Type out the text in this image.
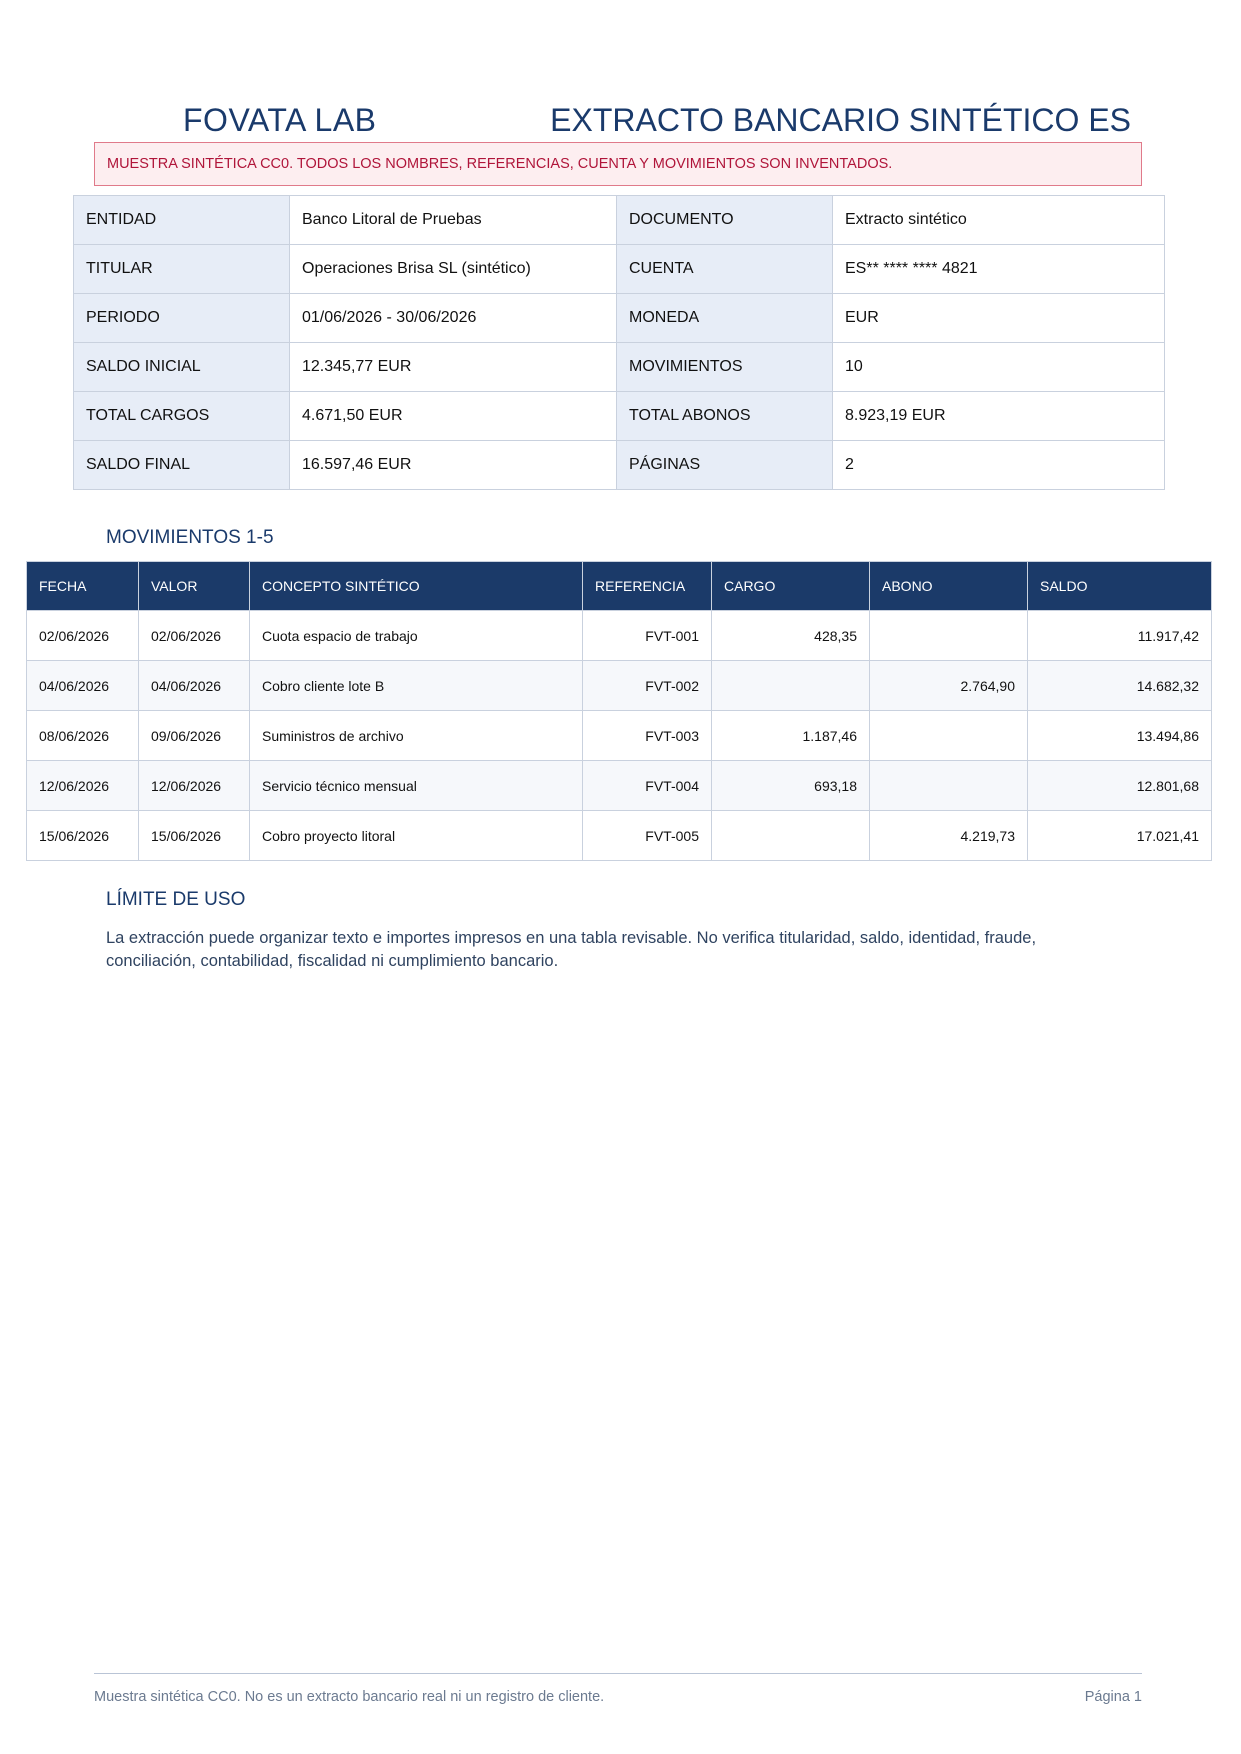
FOVATA LAB	EXTRACTO BANCARIO SINTÉTICO ES
MUESTRA SINTÉTICA CC0. TODOS LOS NOMBRES, REFERENCIAS, CUENTA Y MOVIMIENTOS SON INVENTADOS.
ENTIDAD	Banco Litoral de Pruebas	DOCUMENTO	Extracto sintético
TITULAR	Operaciones Brisa SL (sintético)	CUENTA	ES** **** **** 4821
PERIODO	01/06/2026 - 30/06/2026	MONEDA	EUR
SALDO INICIAL	12.345,77 EUR	MOVIMIENTOS	10
TOTAL CARGOS	4.671,50 EUR	TOTAL ABONOS	8.923,19 EUR
SALDO FINAL	16.597,46 EUR	PÁGINAS	2
MOVIMIENTOS 1-5
FECHA	VALOR	CONCEPTO SINTÉTICO	REFERENCIA	CARGO	ABONO	SALDO
02/06/2026	02/06/2026	Cuota espacio de trabajo	FVT-001	428,35		11.917,42
04/06/2026	04/06/2026	Cobro cliente lote B	FVT-002		2.764,90	14.682,32
08/06/2026	09/06/2026	Suministros de archivo	FVT-003	1.187,46		13.494,86
12/06/2026	12/06/2026	Servicio técnico mensual	FVT-004	693,18		12.801,68
15/06/2026	15/06/2026	Cobro proyecto litoral	FVT-005		4.219,73	17.021,41
LÍMITE DE USO
La extracción puede organizar texto e importes impresos en una tabla revisable. No verifica titularidad, saldo, identidad, fraude, conciliación, contabilidad, fiscalidad ni cumplimiento bancario.
Muestra sintética CC0. No es un extracto bancario real ni un registro de cliente.	Página 1
